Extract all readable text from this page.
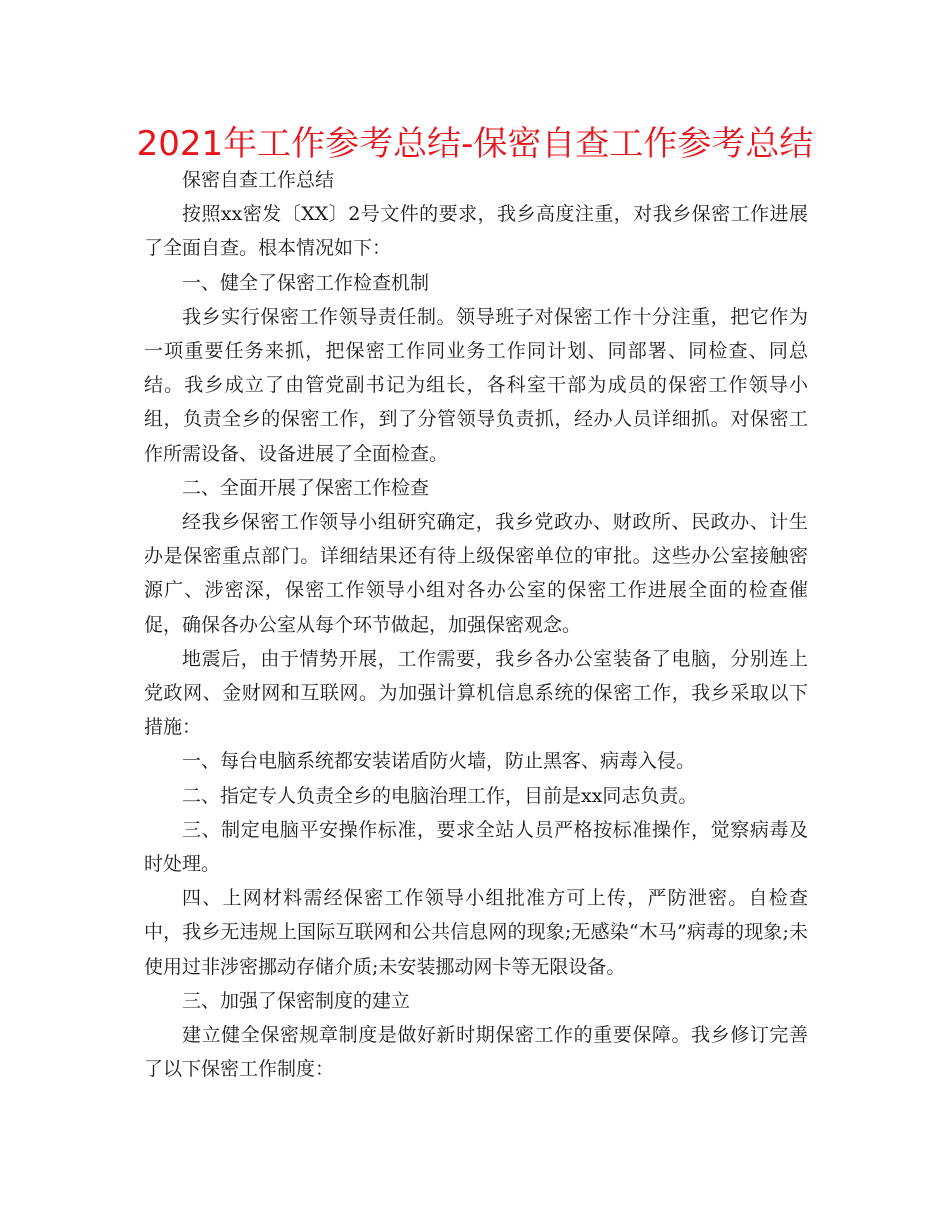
2021年工作参考总结-保密自查工作参考总结

保密自查工作总结

按照xx密发〔XX〕2号文件的要求，我乡高度注重，对我乡保密工作进展了全面自查。根本情况如下：

一、健全了保密工作检查机制

我乡实行保密工作领导责任制。领导班子对保密工作十分注重，把它作为一项重要任务来抓，把保密工作同业务工作同计划、同部署、同检查、同总结。我乡成立了由管党副书记为组长，各科室干部为成员的保密工作领导小组，负责全乡的保密工作，到了分管领导负责抓，经办人员详细抓。对保密工作所需设备、设备进展了全面检查。

二、全面开展了保密工作检查

经我乡保密工作领导小组研究确定，我乡党政办、财政所、民政办、计生办是保密重点部门。详细结果还有待上级保密单位的审批。这些办公室接触密源广、涉密深，保密工作领导小组对各办公室的保密工作进展全面的检查催促，确保各办公室从每个环节做起，加强保密观念。

地震后，由于情势开展，工作需要，我乡各办公室装备了电脑，分别连上党政网、金财网和互联网。为加强计算机信息系统的保密工作，我乡采取以下措施：

一、每台电脑系统都安装诺盾防火墙，防止黑客、病毒入侵。

二、指定专人负责全乡的电脑治理工作，目前是xx同志负责。

三、制定电脑平安操作标准，要求全站人员严格按标准操作，觉察病毒及时处理。

四、上网材料需经保密工作领导小组批准方可上传，严防泄密。自检查中，我乡无违规上国际互联网和公共信息网的现象;无感染“木马”病毒的现象;未使用过非涉密挪动存储介质;未安装挪动网卡等无限设备。

三、加强了保密制度的建立

建立健全保密规章制度是做好新时期保密工作的重要保障。我乡修订完善了以下保密工作制度：
